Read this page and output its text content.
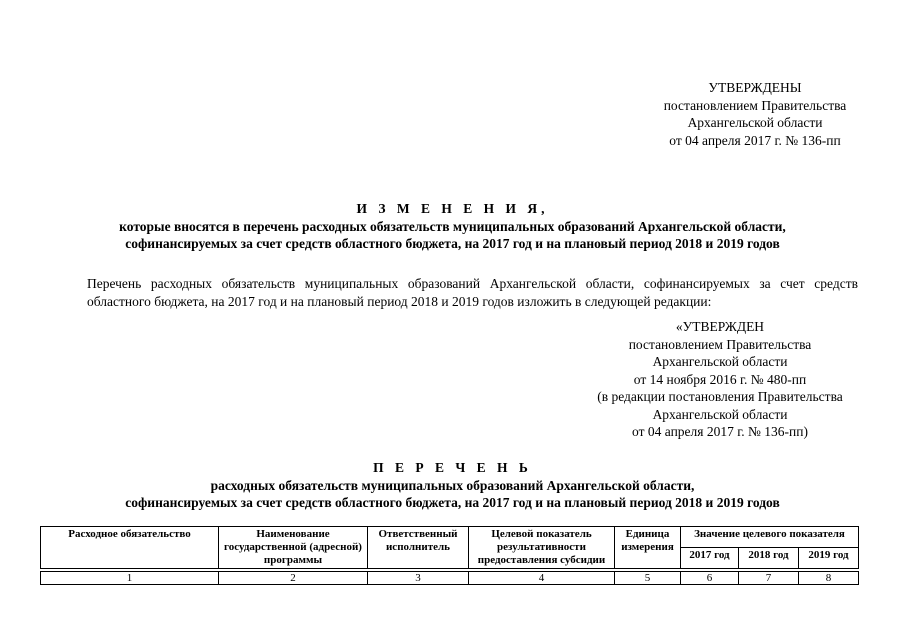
УТВЕРЖДЕНЫ
постановлением Правительства
Архангельской области
от 04 апреля 2017 г. № 136-пп
И З М Е Н Е Н И Я,
которые вносятся в перечень расходных обязательств муниципальных образований Архангельской области,
софинансируемых за счет средств областного бюджета, на 2017 год и на плановый период 2018 и 2019 годов
Перечень расходных обязательств муниципальных образований Архангельской области, софинансируемых за счет средств областного бюджета, на 2017 год и на плановый период 2018 и 2019 годов изложить в следующей редакции:
«УТВЕРЖДЕН
постановлением Правительства
Архангельской области
от 14 ноября 2016 г. № 480-пп
(в редакции постановления Правительства
Архангельской области
от 04 апреля 2017 г. № 136-пп)
П Е Р Е Ч Е Н Ь
расходных обязательств муниципальных образований Архангельской области,
софинансируемых за счет средств областного бюджета, на 2017 год и на плановый период 2018 и 2019 годов
Расходное обязательство	Наименование государственной (адресной) программы	Ответственный исполнитель	Целевой показатель результативности предоставления субсидии	Единица измерения	Значение целевого показателя		
					2017 год	2018 год	2019 год

1	2	3	4	5	6	7	8
